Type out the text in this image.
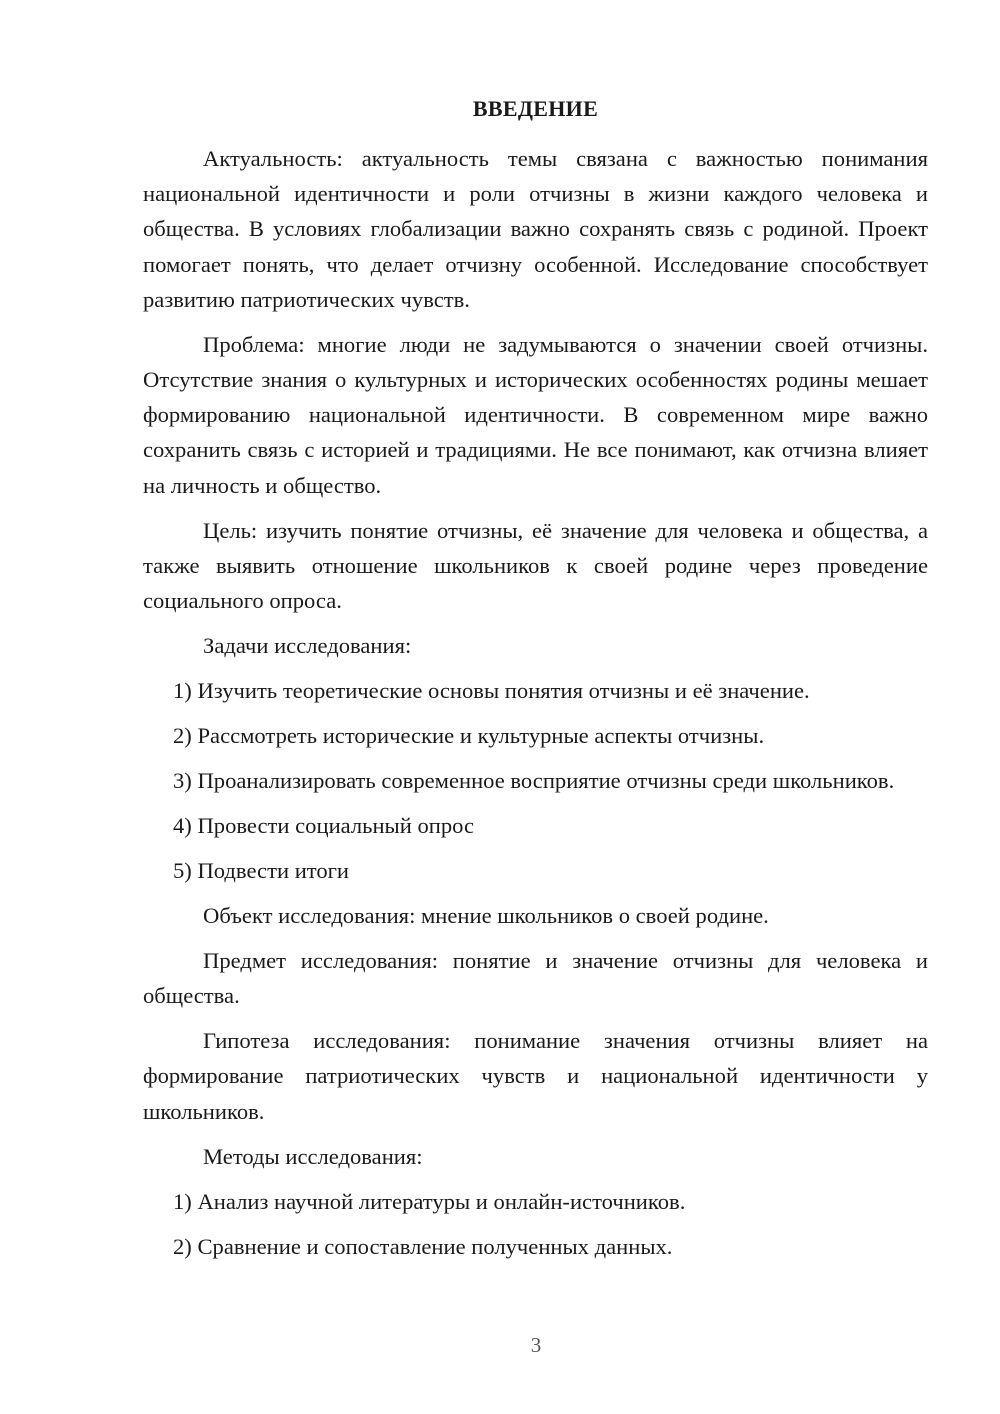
ВВЕДЕНИЕ

Актуальность: актуальность темы связана с важностью понимания национальной идентичности и роли отчизны в жизни каждого человека и общества. В условиях глобализации важно сохранять связь с родиной. Проект помогает понять, что делает отчизну особенной. Исследование способствует развитию патриотических чувств.

Проблема: многие люди не задумываются о значении своей отчизны. Отсутствие знания о культурных и исторических особенностях родины мешает формированию национальной идентичности. В современном мире важно сохранить связь с историей и традициями. Не все понимают, как отчизна влияет на личность и общество.

Цель: изучить понятие отчизны, её значение для человека и общества, а также выявить отношение школьников к своей родине через проведение социального опроса.

Задачи исследования:

1) Изучить теоретические основы понятия отчизны и её значение.

2) Рассмотреть исторические и культурные аспекты отчизны.

3) Проанализировать современное восприятие отчизны среди школьников.

4) Провести социальный опрос

5) Подвести итоги

Объект исследования: мнение школьников о своей родине.

Предмет исследования: понятие и значение отчизны для человека и общества.

Гипотеза исследования: понимание значения отчизны влияет на формирование патриотических чувств и национальной идентичности у школьников.

Методы исследования:

1) Анализ научной литературы и онлайн-источников.

2) Сравнение и сопоставление полученных данных.

3
